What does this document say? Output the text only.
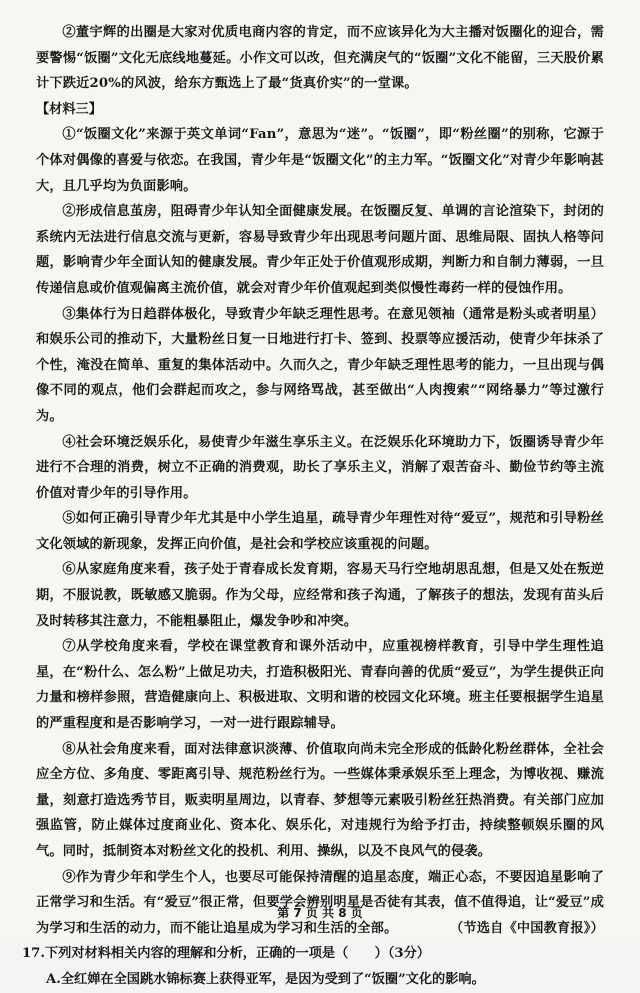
②董宇辉的出圈是大家对优质电商内容的肯定，而不应该异化为大主播对饭圈化的迎合，需要警惕“饭圈”文化无底线地蔓延。小作文可以改，但充满戾气的“饭圈”文化不能留，三天股价累计下跌近20%的风波，给东方甄选上了最“货真价实”的一堂课。

【材料三】

①“饭圈文化”来源于英文单词“Fan”，意思为“迷”。“饭圈”，即“粉丝圈”的别称，它源于个体对偶像的喜爱与依恋。在我国，青少年是“饭圈文化”的主力军。“饭圈文化”对青少年影响甚大，且几乎均为负面影响。

②形成信息茧房，阻碍青少年认知全面健康发展。在饭圈反复、单调的言论渲染下，封闭的系统内无法进行信息交流与更新，容易导致青少年出现思考问题片面、思维局限、固执人格等问题，影响青少年全面认知的健康发展。青少年正处于价值观形成期，判断力和自制力薄弱，一旦传递信息或价值观偏离主流价值，就会对青少年价值观起到类似慢性毒药一样的侵蚀作用。

③集体行为日趋群体极化，导致青少年缺乏理性思考。在意见领袖（通常是粉头或者明星）和娱乐公司的推动下，大量粉丝日复一日地进行打卡、签到、投票等应援活动，使青少年抹杀了个性，淹没在简单、重复的集体活动中。久而久之，青少年缺乏理性思考的能力，一旦出现与偶像不同的观点，他们会群起而攻之，参与网络骂战，甚至做出“人肉搜索”“网络暴力”等过激行为。

④社会环境泛娱乐化，易使青少年滋生享乐主义。在泛娱乐化环境助力下，饭圈诱导青少年进行不合理的消费，树立不正确的消费观，助长了享乐主义，消解了艰苦奋斗、勤俭节约等主流价值对青少年的引导作用。

⑤如何正确引导青少年尤其是中小学生追星，疏导青少年理性对待“爱豆”，规范和引导粉丝文化领域的新现象，发挥正向价值，是社会和学校应该重视的问题。

⑥从家庭角度来看，孩子处于青春成长发育期，容易天马行空地胡思乱想，但是又处在叛逆期，不服说教，既敏感又脆弱。作为父母，应经常和孩子沟通，了解孩子的想法，发现有苗头后及时转移其注意力，不能粗暴阻止，爆发争吵和冲突。

⑦从学校角度来看，学校在课堂教育和课外活动中，应重视榜样教育，引导中学生理性追星，在“粉什么、怎么粉”上做足功夫，打造积极阳光、青春向善的优质“爱豆”，为学生提供正向力量和榜样参照，营造健康向上、积极进取、文明和谐的校园文化环境。班主任要根据学生追星的严重程度和是否影响学习，一对一进行跟踪辅导。

⑧从社会角度来看，面对法律意识淡薄、价值取向尚未完全形成的低龄化粉丝群体，全社会应全方位、多角度、零距离引导、规范粉丝行为。一些媒体秉承娱乐至上理念，为博收视、赚流量，刻意打造选秀节目，贩卖明星周边，以青春、梦想等元素吸引粉丝狂热消费。有关部门应加强监管，防止媒体过度商业化、资本化、娱乐化，对违规行为给予打击，持续整顿娱乐圈的风气。同时，抵制资本对粉丝文化的投机、利用、操纵，以及不良风气的侵袭。

⑨作为青少年和学生个人，也要尽可能保持清醒的追星态度，端正心态，不要因追星影响了正常学习和生活。有“爱豆”很正常，但要学会辨别明星是否徒有其表，值不值得追，让“爱豆”成为学习和生活的动力，而不能让追星成为学习和生活的全部。	（节选自《中国教育报》）

17.下列对材料相关内容的理解和分析，正确的一项是（　　）（3分）

A.全红婵在全国跳水锦标赛上获得亚军，是因为受到了“饭圈”文化的影响。

第 7 页 共 8 页
